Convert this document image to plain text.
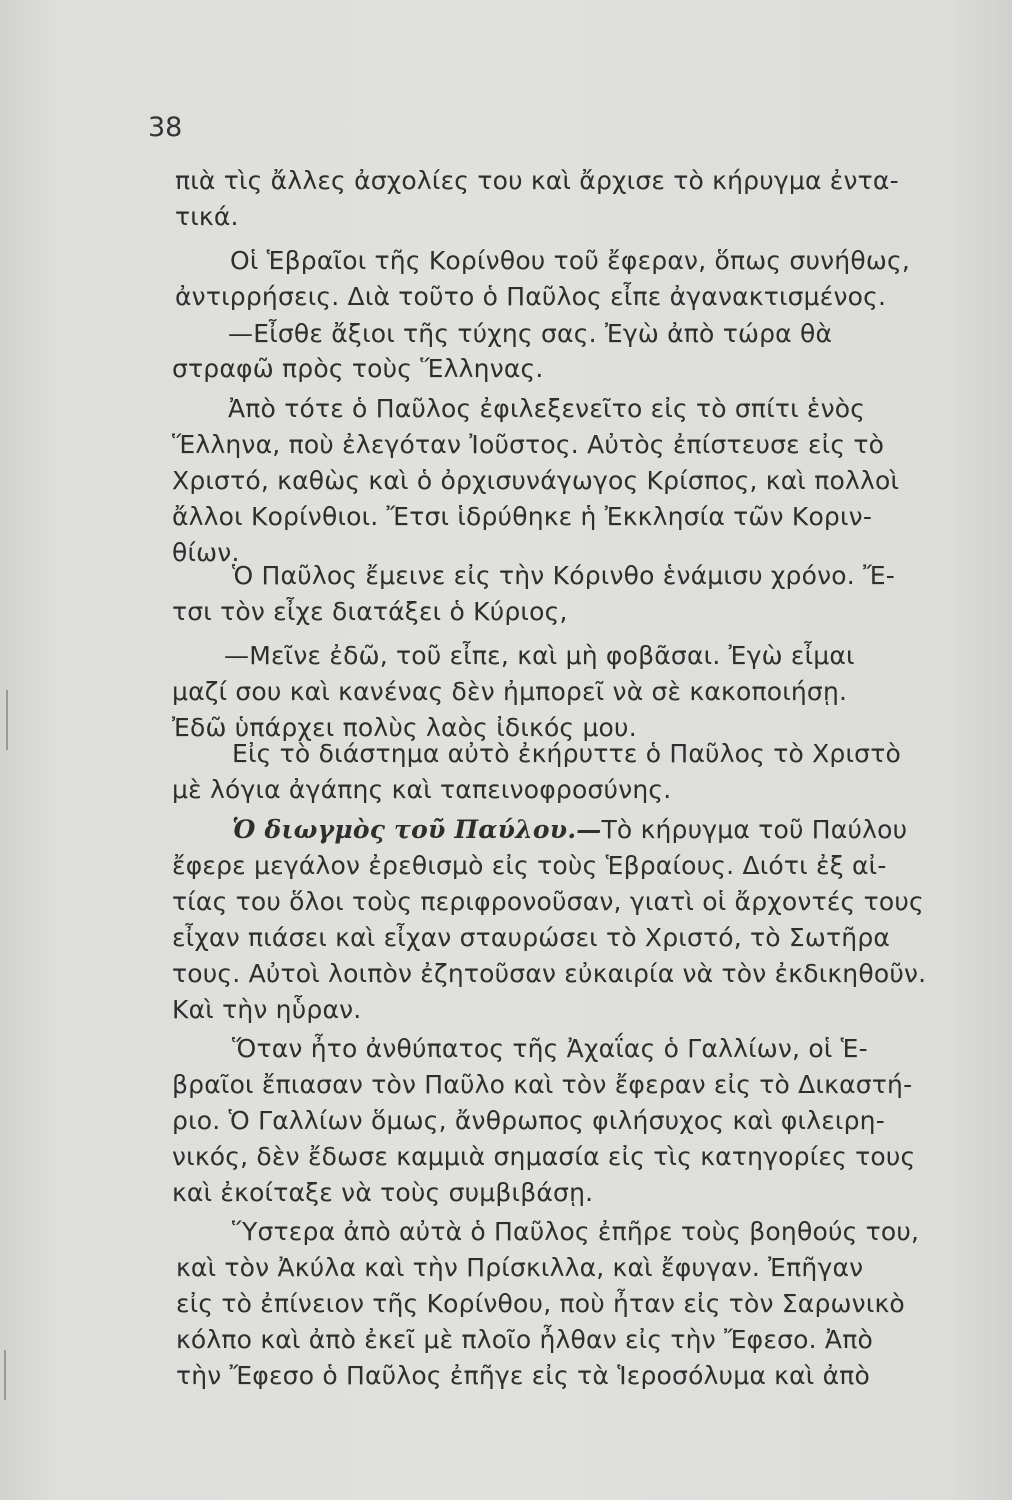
38

πιὰ τὶς ἄλλες ἀσχολίες του καὶ ἄρχισε τὸ κήρυγμα ἐντα-

τικά.

Οἱ Ἑβραῖοι τῆς Κορίνθου τοῦ ἔφεραν, ὅπως συνήθως,

ἀντιρρήσεις. Διὰ τοῦτο ὁ Παῦλος εἶπε ἀγανακτισμένος.

—Εἶσθε ἄξιοι τῆς τύχης σας. Ἐγὼ ἀπὸ τώρα θὰ

στραφῶ πρὸς τοὺς Ἕλληνας.

Ἀπὸ τότε ὁ Παῦλος ἐφιλεξενεῖτο εἰς τὸ σπίτι ἑνὸς

Ἕλληνα, ποὺ ἐλεγόταν Ἰοῦστος. Αὐτὸς ἐπίστευσε εἰς τὸ

Χριστό, καθὼς καὶ ὁ ὀρχισυνάγωγος Κρίσπος, καὶ πολλοὶ

ἄλλοι Κορίνθιοι. Ἔτσι ἱδρύθηκε ἡ Ἐκκλησία τῶν Κοριν-

θίων.

Ὁ Παῦλος ἔμεινε εἰς τὴν Κόρινθο ἑνάμισυ χρόνο. Ἔ-

τσι τὸν εἶχε διατάξει ὁ Κύριος,

—Μεῖνε ἐδῶ, τοῦ εἶπε, καὶ μὴ φοβᾶσαι. Ἐγὼ εἶμαι

μαζί σου καὶ κανένας δὲν ἠμπορεῖ νὰ σὲ κακοποιήσῃ.

Ἐδῶ ὑπάρχει πολὺς λαὸς ἰδικός μου.

Εἰς τὸ διάστημα αὐτὸ ἐκήρυττε ὁ Παῦλος τὸ Χριστὸ

μὲ λόγια ἀγάπης καὶ ταπεινοφροσύνης.

Ὁ διωγμὸς τοῦ Παύλου.—Τὸ κήρυγμα τοῦ Παύλου

ἔφερε μεγάλον ἐρεθισμὸ εἰς τοὺς Ἑβραίους. Διότι ἐξ αἰ-

τίας του ὅλοι τοὺς περιφρονοῦσαν, γιατὶ οἱ ἄρχοντές τους

εἶχαν πιάσει καὶ εἶχαν σταυρώσει τὸ Χριστό, τὸ Σωτῆρα

τους. Αὐτοὶ λοιπὸν ἐζητοῦσαν εὐκαιρία νὰ τὸν ἐκδικηθοῦν.

Καὶ τὴν ηὗραν.

Ὅταν ἦτο ἀνθύπατος τῆς Ἀχαΐας ὁ Γαλλίων, οἱ Ἑ-

βραῖοι ἔπιασαν τὸν Παῦλο καὶ τὸν ἔφεραν εἰς τὸ Δικαστή-

ριο. Ὁ Γαλλίων ὅμως, ἄνθρωπος φιλήσυχος καὶ φιλειρη-

νικός, δὲν ἔδωσε καμμιὰ σημασία εἰς τὶς κατηγορίες τους

καὶ ἐκοίταξε νὰ τοὺς συμβιβάσῃ.

Ὕστερα ἀπὸ αὐτὰ ὁ Παῦλος ἐπῆρε τοὺς βοηθούς του,

καὶ τὸν Ἀκύλα καὶ τὴν Πρίσκιλλα, καὶ ἔφυγαν. Ἐπῆγαν

εἰς τὸ ἐπίνειον τῆς Κορίνθου, ποὺ ἦταν εἰς τὸν Σαρωνικὸ

κόλπο καὶ ἀπὸ ἐκεῖ μὲ πλοῖο ἦλθαν εἰς τὴν Ἔφεσο. Ἀπὸ

τὴν Ἔφεσο ὁ Παῦλος ἐπῆγε εἰς τὰ Ἱεροσόλυμα καὶ ἀπὸ
